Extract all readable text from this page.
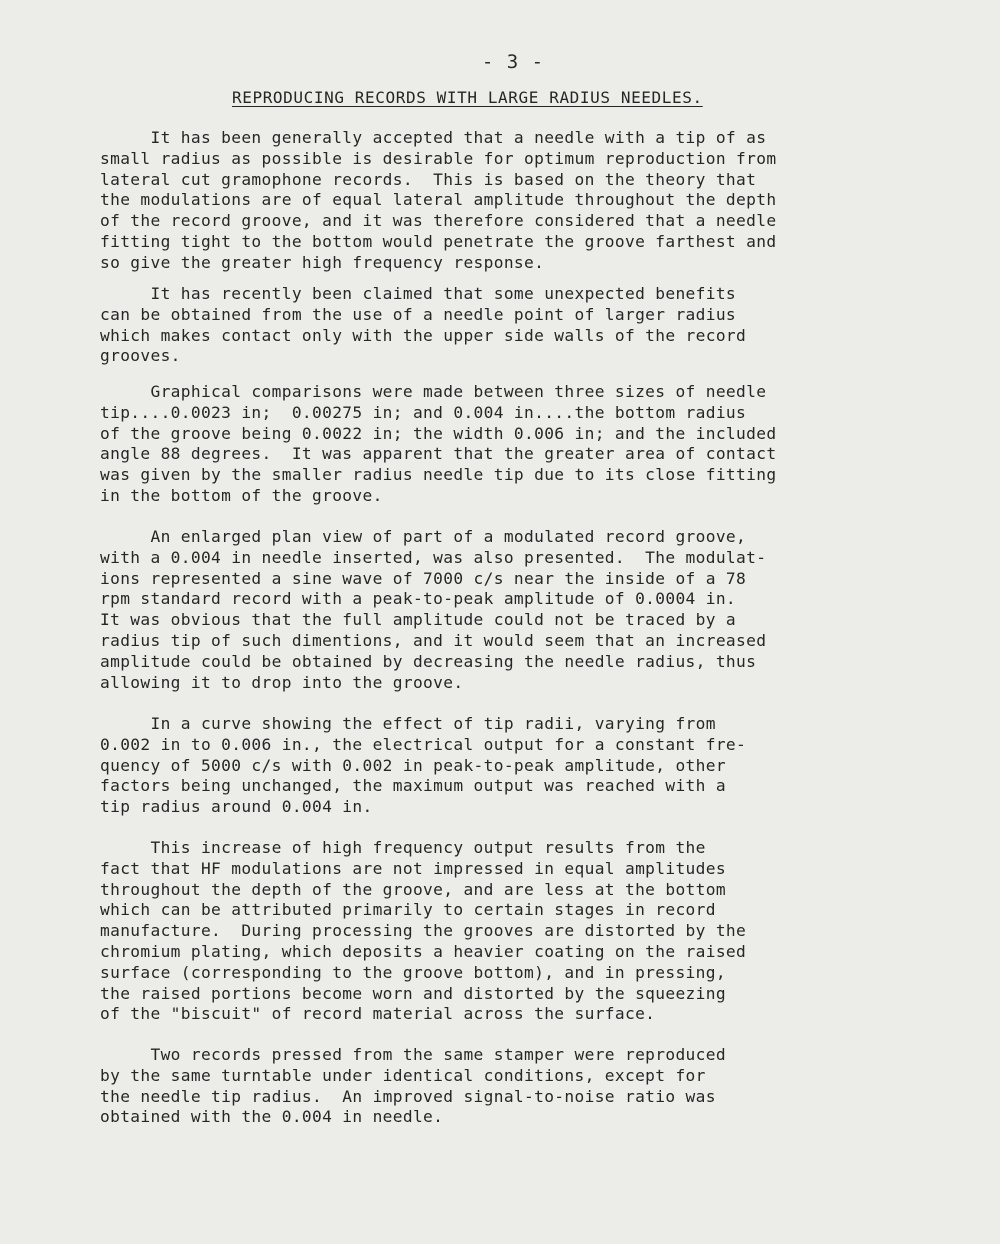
- 3 -
REPRODUCING RECORDS WITH LARGE RADIUS NEEDLES.
It has been generally accepted that a needle with a tip of as
small radius as possible is desirable for optimum reproduction from
lateral cut gramophone records.  This is based on the theory that
the modulations are of equal lateral amplitude throughout the depth
of the record groove, and it was therefore considered that a needle
fitting tight to the bottom would penetrate the groove farthest and
so give the greater high frequency response.
It has recently been claimed that some unexpected benefits
can be obtained from the use of a needle point of larger radius
which makes contact only with the upper side walls of the record
grooves.
Graphical comparisons were made between three sizes of needle
tip....0.0023 in;  0.00275 in; and 0.004 in....the bottom radius
of the groove being 0.0022 in; the width 0.006 in; and the included
angle 88 degrees.  It was apparent that the greater area of contact
was given by the smaller radius needle tip due to its close fitting
in the bottom of the groove.
An enlarged plan view of part of a modulated record groove,
with a 0.004 in needle inserted, was also presented.  The modulat-
ions represented a sine wave of 7000 c/s near the inside of a 78
rpm standard record with a peak-to-peak amplitude of 0.0004 in.
It was obvious that the full amplitude could not be traced by a
radius tip of such dimentions, and it would seem that an increased
amplitude could be obtained by decreasing the needle radius, thus
allowing it to drop into the groove.
In a curve showing the effect of tip radii, varying from
0.002 in to 0.006 in., the electrical output for a constant fre-
quency of 5000 c/s with 0.002 in peak-to-peak amplitude, other
factors being unchanged, the maximum output was reached with a
tip radius around 0.004 in.
This increase of high frequency output results from the
fact that HF modulations are not impressed in equal amplitudes
throughout the depth of the groove, and are less at the bottom
which can be attributed primarily to certain stages in record
manufacture.  During processing the grooves are distorted by the
chromium plating, which deposits a heavier coating on the raised
surface (corresponding to the groove bottom), and in pressing,
the raised portions become worn and distorted by the squeezing
of the "biscuit" of record material across the surface.
Two records pressed from the same stamper were reproduced
by the same turntable under identical conditions, except for
the needle tip radius.  An improved signal-to-noise ratio was
obtained with the 0.004 in needle.
